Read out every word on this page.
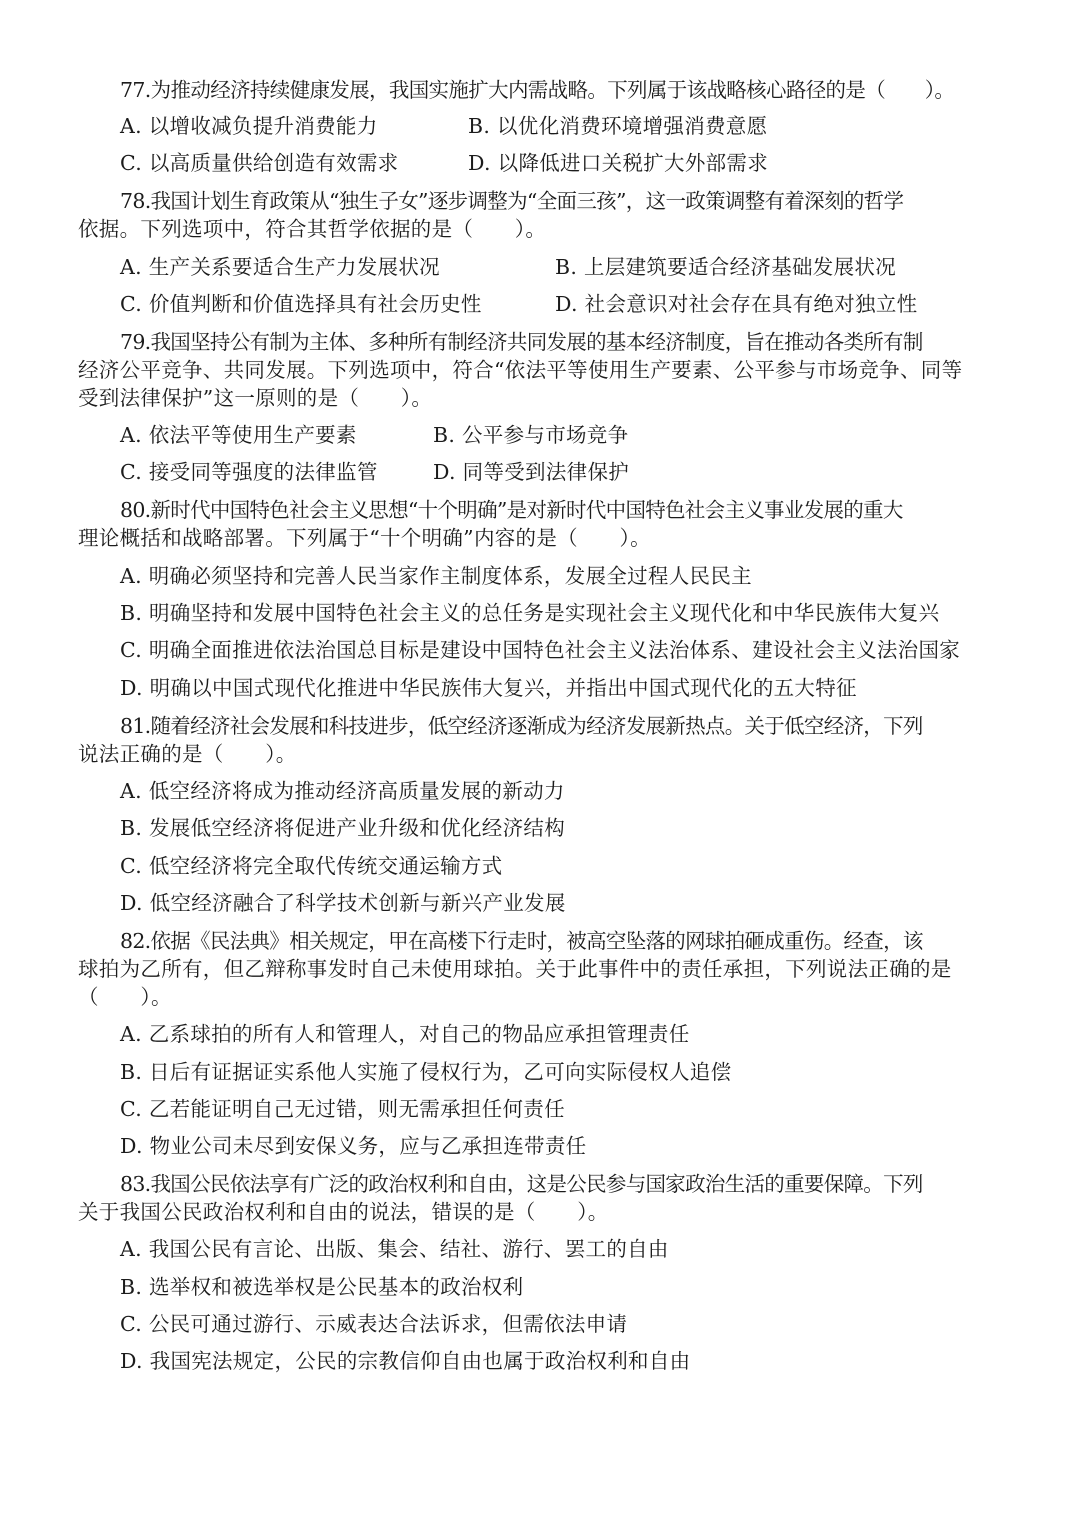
77.为推动经济持续健康发展，我国实施扩大内需战略。下列属于该战略核心路径的是（　　）。
A. 以增收减负提升消费能力	B. 以优化消费环境增强消费意愿
C. 以高质量供给创造有效需求	D. 以降低进口关税扩大外部需求
78.我国计划生育政策从“独生子女”逐步调整为“全面三孩”，这一政策调整有着深刻的哲学
依据。下列选项中，符合其哲学依据的是（　　）。
A. 生产关系要适合生产力发展状况	B. 上层建筑要适合经济基础发展状况
C. 价值判断和价值选择具有社会历史性	D. 社会意识对社会存在具有绝对独立性
79.我国坚持公有制为主体、多种所有制经济共同发展的基本经济制度，旨在推动各类所有制
经济公平竞争、共同发展。下列选项中，符合“依法平等使用生产要素、公平参与市场竞争、同等
受到法律保护”这一原则的是（　　）。
A. 依法平等使用生产要素	B. 公平参与市场竞争
C. 接受同等强度的法律监管	D. 同等受到法律保护
80.新时代中国特色社会主义思想“十个明确”是对新时代中国特色社会主义事业发展的重大
理论概括和战略部署。下列属于“十个明确”内容的是（　　）。
A. 明确必须坚持和完善人民当家作主制度体系，发展全过程人民民主
B. 明确坚持和发展中国特色社会主义的总任务是实现社会主义现代化和中华民族伟大复兴
C. 明确全面推进依法治国总目标是建设中国特色社会主义法治体系、建设社会主义法治国家
D. 明确以中国式现代化推进中华民族伟大复兴，并指出中国式现代化的五大特征
81.随着经济社会发展和科技进步，低空经济逐渐成为经济发展新热点。关于低空经济，下列
说法正确的是（　　）。
A. 低空经济将成为推动经济高质量发展的新动力
B. 发展低空经济将促进产业升级和优化经济结构
C. 低空经济将完全取代传统交通运输方式
D. 低空经济融合了科学技术创新与新兴产业发展
82.依据《民法典》相关规定，甲在高楼下行走时，被高空坠落的网球拍砸成重伤。经查，该
球拍为乙所有，但乙辩称事发时自己未使用球拍。关于此事件中的责任承担，下列说法正确的是
（　　）。
A. 乙系球拍的所有人和管理人，对自己的物品应承担管理责任
B. 日后有证据证实系他人实施了侵权行为，乙可向实际侵权人追偿
C. 乙若能证明自己无过错，则无需承担任何责任
D. 物业公司未尽到安保义务，应与乙承担连带责任
83.我国公民依法享有广泛的政治权利和自由，这是公民参与国家政治生活的重要保障。下列
关于我国公民政治权利和自由的说法，错误的是（　　）。
A. 我国公民有言论、出版、集会、结社、游行、罢工的自由
B. 选举权和被选举权是公民基本的政治权利
C. 公民可通过游行、示威表达合法诉求，但需依法申请
D. 我国宪法规定，公民的宗教信仰自由也属于政治权利和自由
